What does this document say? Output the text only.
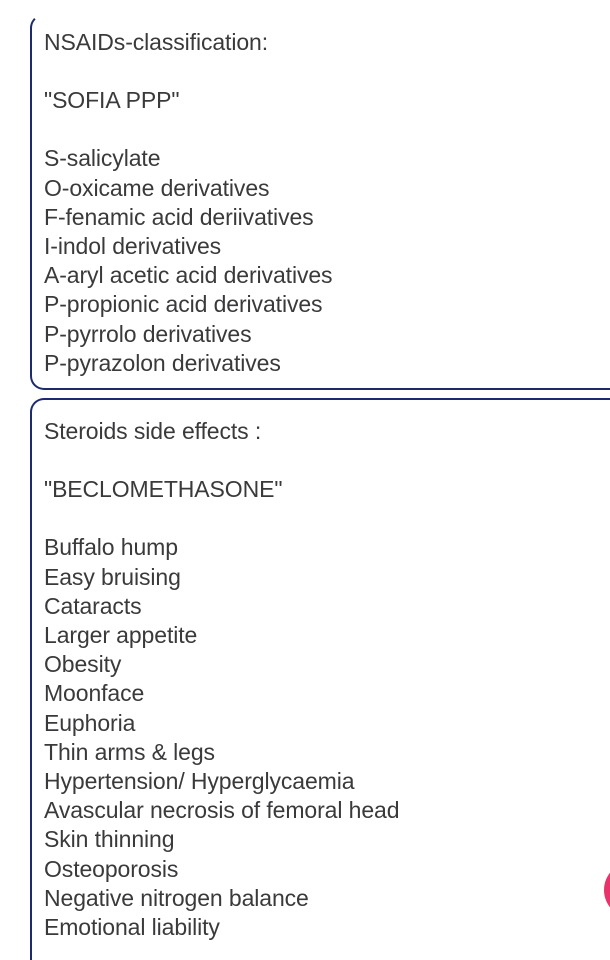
NSAIDs-classification:

"SOFIA PPP"

S-salicylate
O-oxicame derivatives
F-fenamic acid deriivatives
I-indol derivatives
A-aryl acetic acid derivatives
P-propionic acid derivatives
P-pyrrolo derivatives
P-pyrazolon derivatives

Steroids side effects :

"BECLOMETHASONE"

Buffalo hump
Easy bruising
Cataracts
Larger appetite
Obesity
Moonface
Euphoria
Thin arms & legs
Hypertension/ Hyperglycaemia
Avascular necrosis of femoral head
Skin thinning
Osteoporosis
Negative nitrogen balance
Emotional liability
